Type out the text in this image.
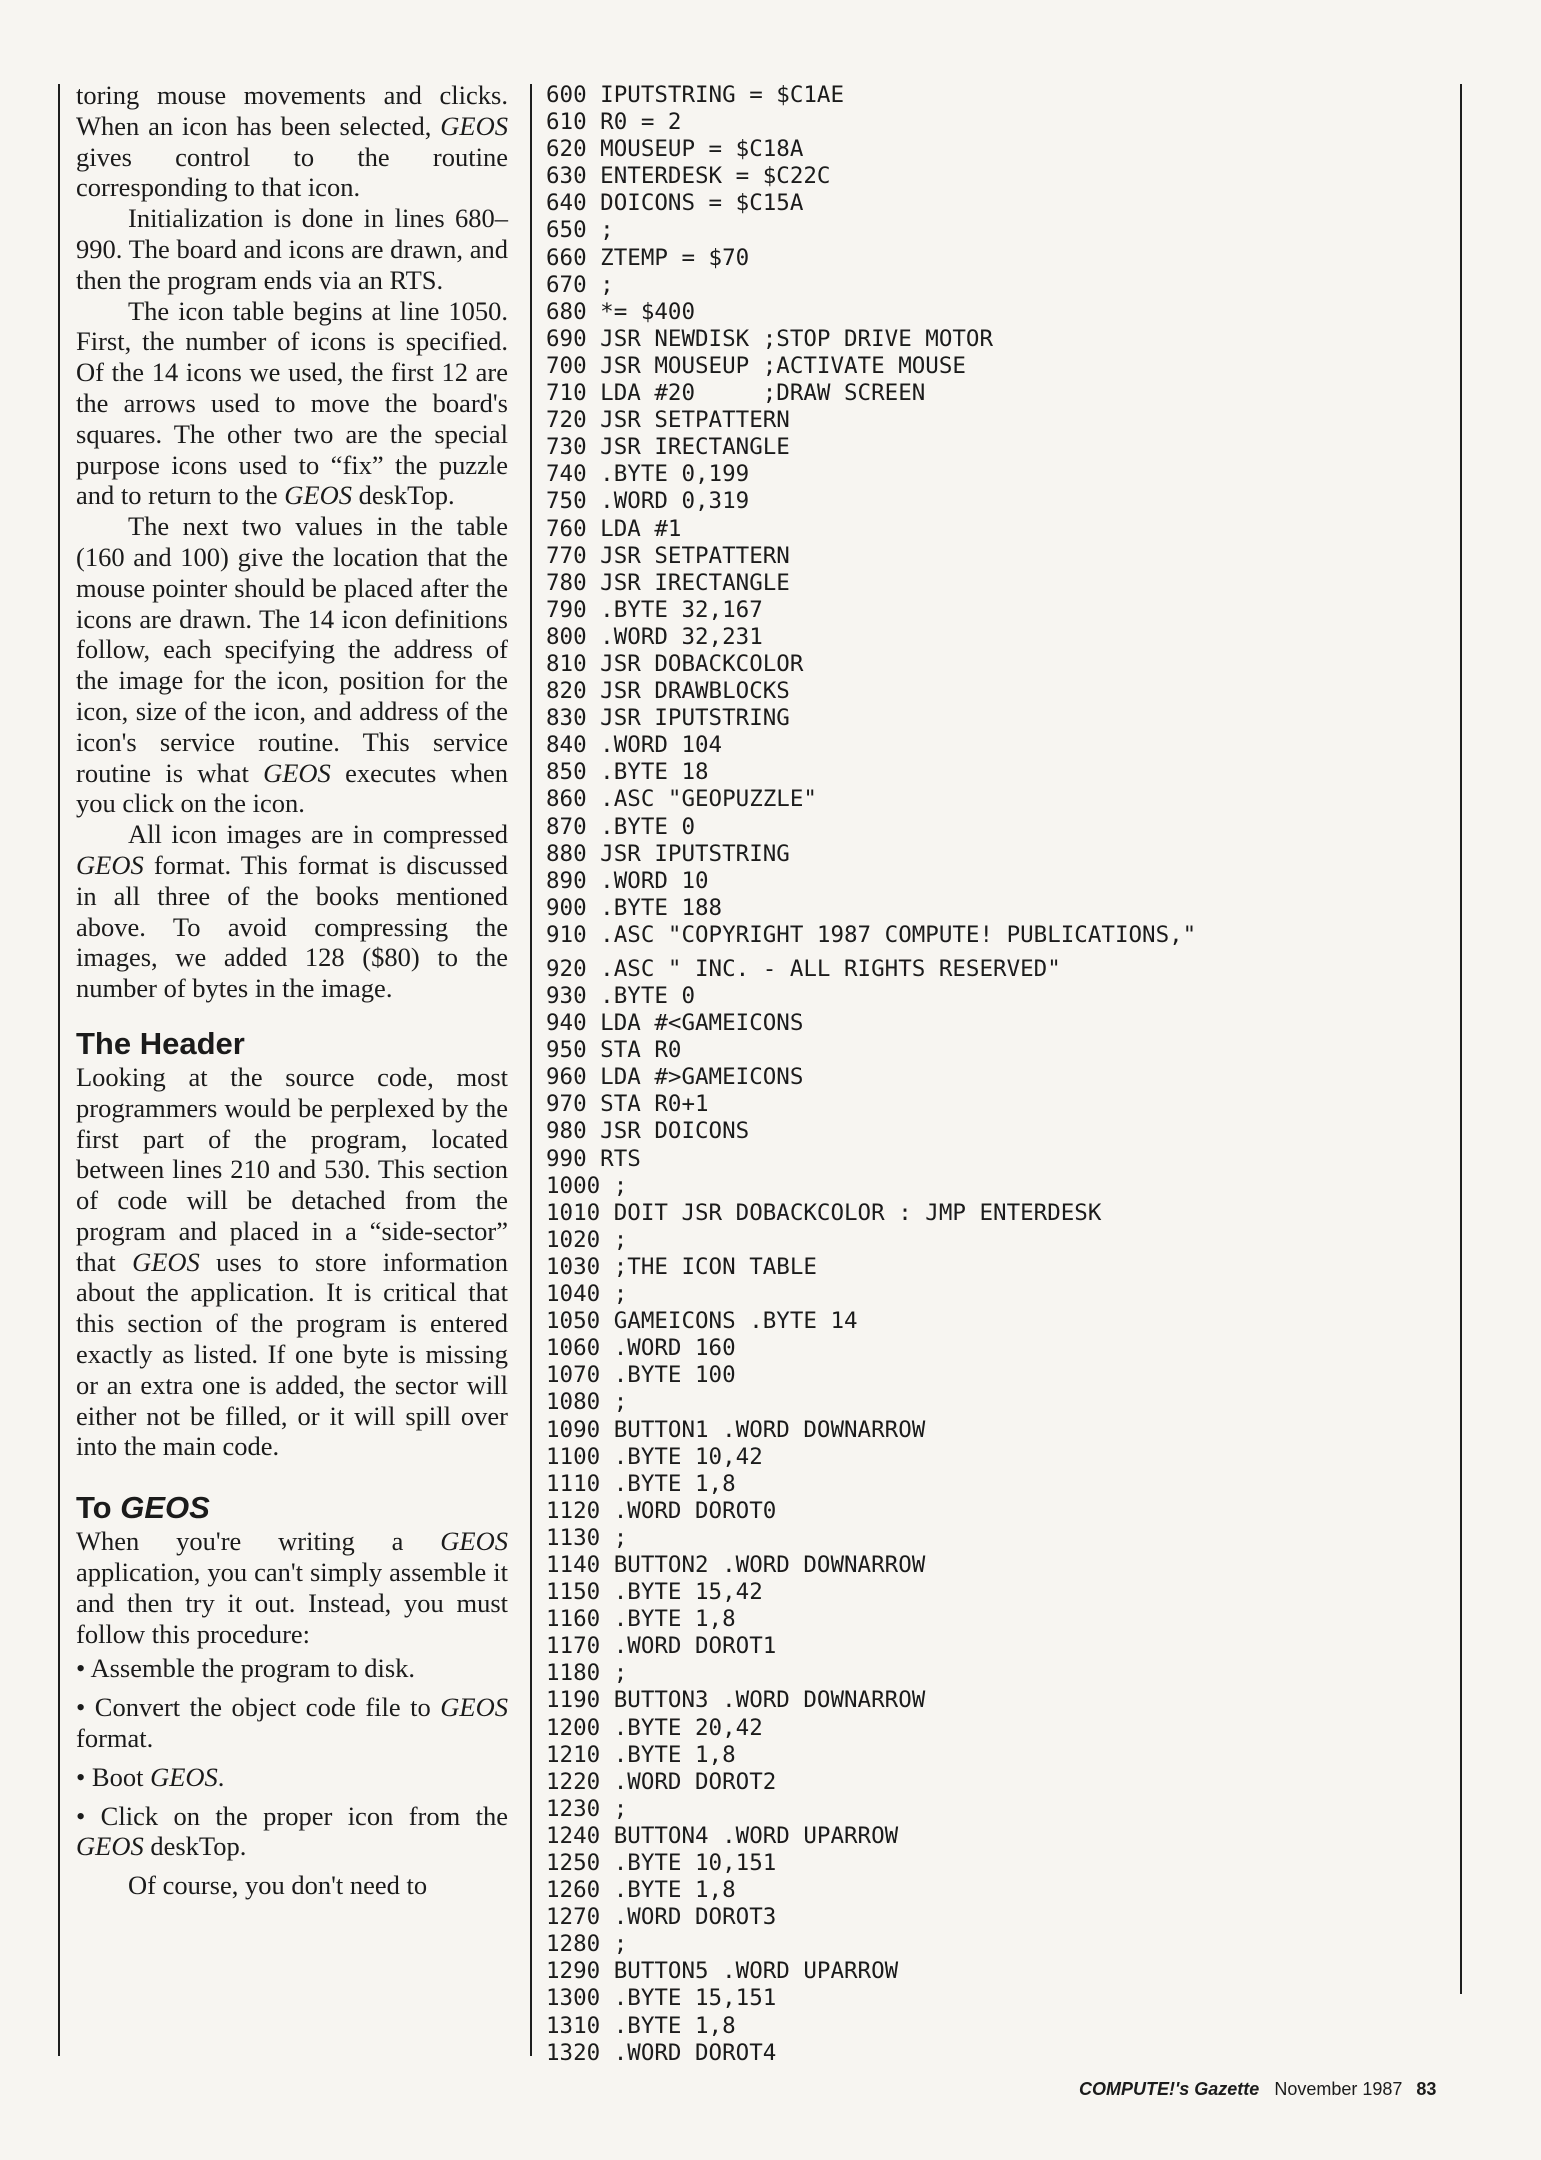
toring mouse movements and clicks. When an icon has been selected, GEOS gives control to the routine corresponding to that icon.

Initialization is done in lines 680–990. The board and icons are drawn, and then the program ends via an RTS.

The icon table begins at line 1050. First, the number of icons is specified. Of the 14 icons we used, the first 12 are the arrows used to move the board's squares. The other two are the special purpose icons used to “fix” the puzzle and to return to the GEOS deskTop.

The next two values in the table (160 and 100) give the location that the mouse pointer should be placed after the icons are drawn. The 14 icon definitions follow, each specifying the address of the image for the icon, position for the icon, size of the icon, and address of the icon's service routine. This service routine is what GEOS executes when you click on the icon.

All icon images are in compressed GEOS format. This format is discussed in all three of the books mentioned above. To avoid compressing the images, we added 128 ($80) to the number of bytes in the image.

The Header

Looking at the source code, most programmers would be perplexed by the first part of the program, located between lines 210 and 530. This section of code will be detached from the program and placed in a “side-sector” that GEOS uses to store information about the application. It is critical that this section of the program is entered exactly as listed. If one byte is missing or an extra one is added, the sector will either not be filled, or it will spill over into the main code.

To GEOS

When you're writing a GEOS application, you can't simply assemble it and then try it out. Instead, you must follow this procedure:

• Assemble the program to disk.
• Convert the object code file to GEOS format.
• Boot GEOS.
• Click on the proper icon from the GEOS deskTop.

Of course, you don't need to

600 IPUTSTRING = $C1AE
610 R0 = 2
620 MOUSEUP = $C18A
630 ENTERDESK = $C22C
640 DOICONS = $C15A
650 ;
660 ZTEMP = $70
670 ;
680 *= $400
690 JSR NEWDISK ;STOP DRIVE MOTOR
700 JSR MOUSEUP ;ACTIVATE MOUSE
710 LDA #20     ;DRAW SCREEN
720 JSR SETPATTERN
730 JSR IRECTANGLE
740 .BYTE 0,199
750 .WORD 0,319
760 LDA #1
770 JSR SETPATTERN
780 JSR IRECTANGLE
790 .BYTE 32,167
800 .WORD 32,231
810 JSR DOBACKCOLOR
820 JSR DRAWBLOCKS
830 JSR IPUTSTRING
840 .WORD 104
850 .BYTE 18
860 .ASC "GEOPUZZLE"
870 .BYTE 0
880 JSR IPUTSTRING
890 .WORD 10
900 .BYTE 188
910 .ASC "COPYRIGHT 1987 COMPUTE! PUBLICATIONS,"
920 .ASC " INC. - ALL RIGHTS RESERVED"
930 .BYTE 0
940 LDA #<GAMEICONS
950 STA R0
960 LDA #>GAMEICONS
970 STA R0+1
980 JSR DOICONS
990 RTS
1000 ;
1010 DOIT JSR DOBACKCOLOR : JMP ENTERDESK
1020 ;
1030 ;THE ICON TABLE
1040 ;
1050 GAMEICONS .BYTE 14
1060 .WORD 160
1070 .BYTE 100
1080 ;
1090 BUTTON1 .WORD DOWNARROW
1100 .BYTE 10,42
1110 .BYTE 1,8
1120 .WORD DOROT0
1130 ;
1140 BUTTON2 .WORD DOWNARROW
1150 .BYTE 15,42
1160 .BYTE 1,8
1170 .WORD DOROT1
1180 ;
1190 BUTTON3 .WORD DOWNARROW
1200 .BYTE 20,42
1210 .BYTE 1,8
1220 .WORD DOROT2
1230 ;
1240 BUTTON4 .WORD UPARROW
1250 .BYTE 10,151
1260 .BYTE 1,8
1270 .WORD DOROT3
1280 ;
1290 BUTTON5 .WORD UPARROW
1300 .BYTE 15,151
1310 .BYTE 1,8
1320 .WORD DOROT4
COMPUTE!'s Gazette November 1987 83
